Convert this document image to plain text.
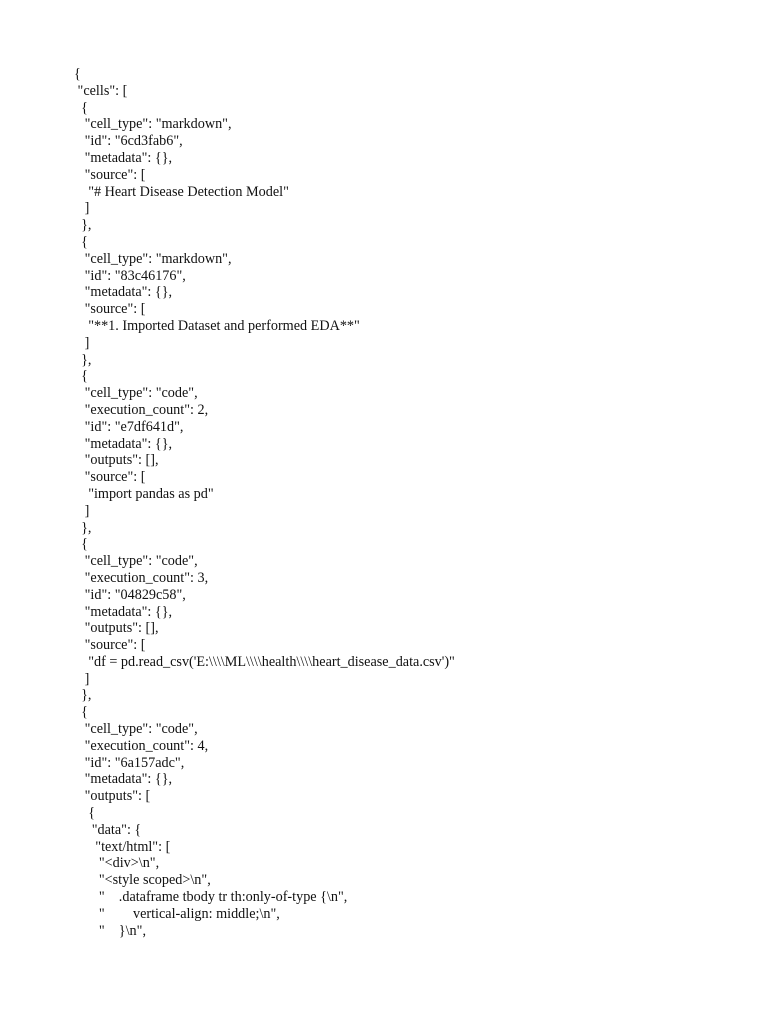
{
"cells": [
{
"cell_type": "markdown",
"id": "6cd3fab6",
"metadata": {},
"source": [
"# Heart Disease Detection Model"
]
},
{
"cell_type": "markdown",
"id": "83c46176",
"metadata": {},
"source": [
"**1. Imported Dataset and performed EDA**"
]
},
{
"cell_type": "code",
"execution_count": 2,
"id": "e7df641d",
"metadata": {},
"outputs": [],
"source": [
"import pandas as pd"
]
},
{
"cell_type": "code",
"execution_count": 3,
"id": "04829c58",
"metadata": {},
"outputs": [],
"source": [
"df = pd.read_csv('E:\\\\ML\\\\health\\\\heart_disease_data.csv')"
]
},
{
"cell_type": "code",
"execution_count": 4,
"id": "6a157adc",
"metadata": {},
"outputs": [
{
"data": {
"text/html": [
"<div>\n",
"<style scoped>\n",
"    .dataframe tbody tr th:only-of-type {\n",
"        vertical-align: middle;\n",
"    }\n",
